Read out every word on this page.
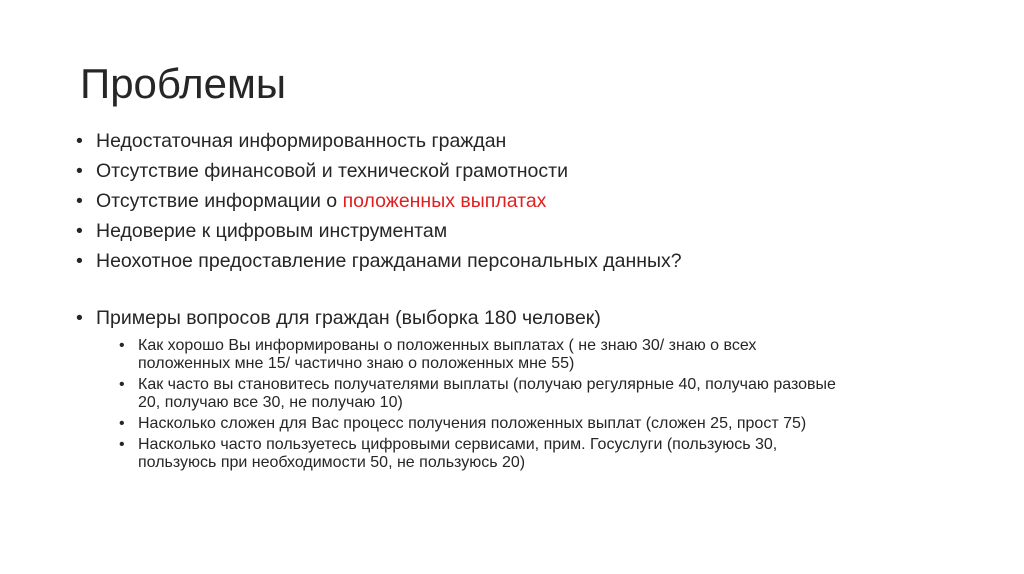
Проблемы
• Недостаточная информированность граждан
• Отсутствие финансовой и технической грамотности
• Отсутствие информации о положенных выплатах
• Недоверие к цифровым инструментам
• Неохотное предоставление гражданами персональных данных?
• Примеры вопросов для граждан (выборка 180 человек)
• Как хорошо Вы информированы о положенных выплатах ( не знаю 30/ знаю о всех
положенных мне 15/ частично знаю о положенных мне 55)
• Как часто вы становитесь получателями выплаты (получаю регулярные 40, получаю разовые
20, получаю все 30, не получаю 10)
• Насколько сложен для Вас процесс получения положенных выплат (сложен 25, прост 75)
• Насколько часто пользуетесь цифровыми сервисами, прим. Госуслуги (пользуюсь 30,
пользуюсь при необходимости 50, не пользуюсь 20)
